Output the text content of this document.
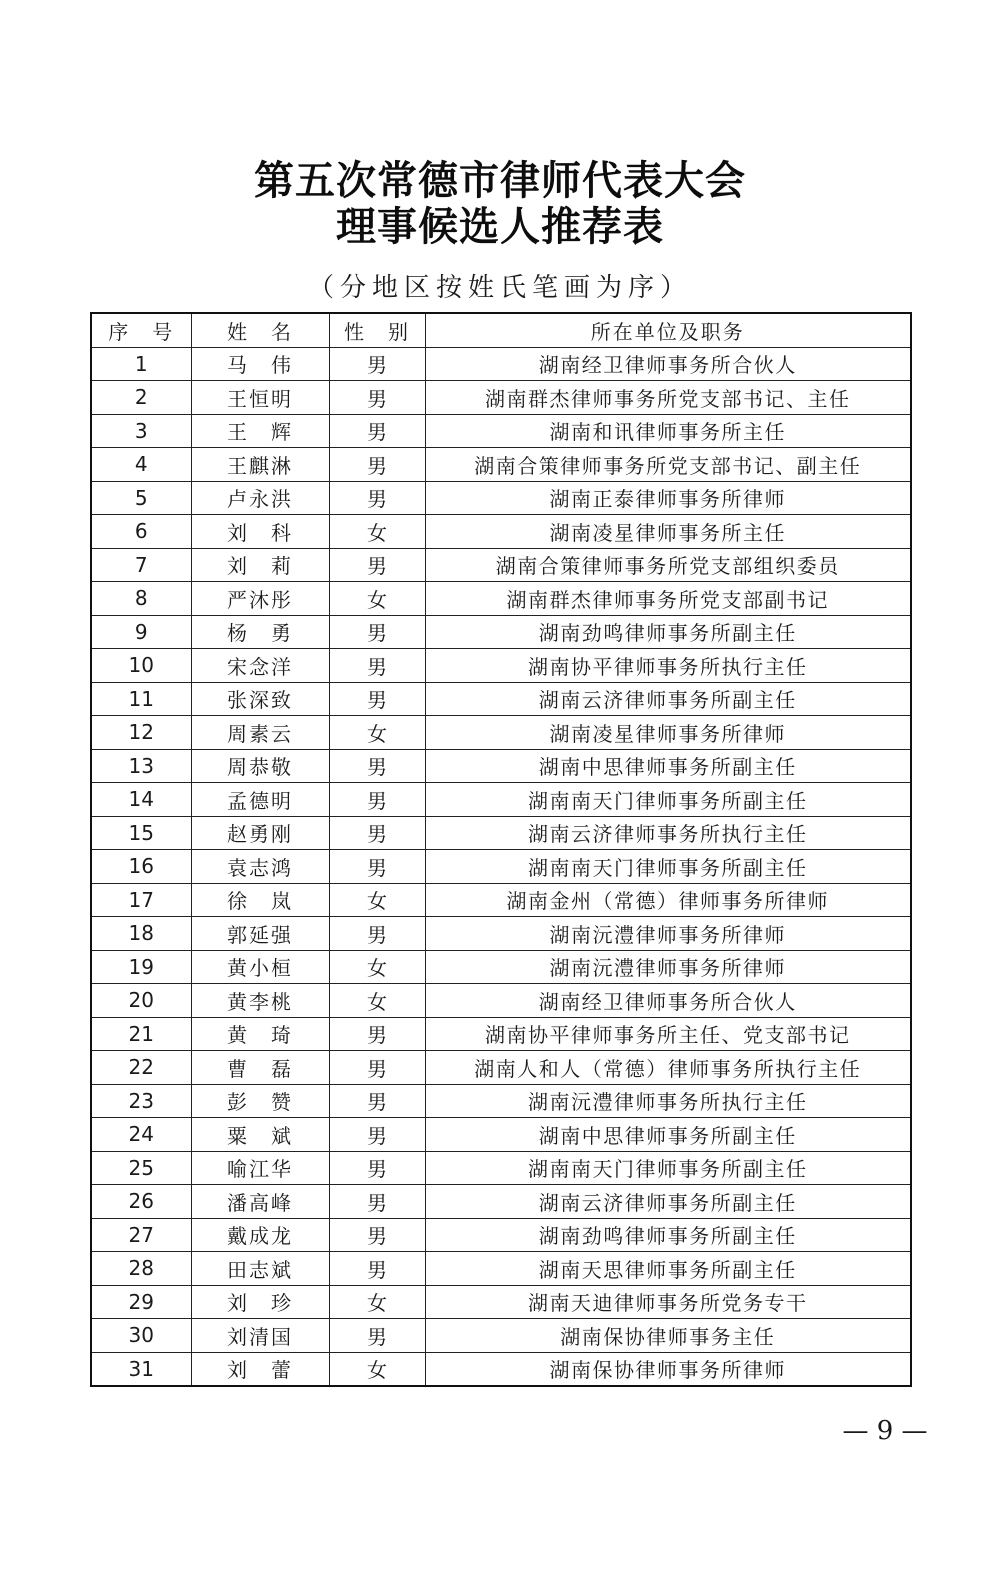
第五次常德市律师代表大会
理事候选人推荐表
（分地区按姓氏笔画为序）
序　号	姓　名	性　别	所在单位及职务
1	马　伟	男	湖南经卫律师事务所合伙人
2	王恒明	男	湖南群杰律师事务所党支部书记、主任
3	王　辉	男	湖南和讯律师事务所主任
4	王麒淋	男	湖南合策律师事务所党支部书记、副主任
5	卢永洪	男	湖南正泰律师事务所律师
6	刘　科	女	湖南凌星律师事务所主任
7	刘　莉	男	湖南合策律师事务所党支部组织委员
8	严沐彤	女	湖南群杰律师事务所党支部副书记
9	杨　勇	男	湖南劲鸣律师事务所副主任
10	宋念洋	男	湖南协平律师事务所执行主任
11	张深致	男	湖南云济律师事务所副主任
12	周素云	女	湖南凌星律师事务所律师
13	周恭敬	男	湖南中思律师事务所副主任
14	孟德明	男	湖南南天门律师事务所副主任
15	赵勇刚	男	湖南云济律师事务所执行主任
16	袁志鸿	男	湖南南天门律师事务所副主任
17	徐　岚	女	湖南金州（常德）律师事务所律师
18	郭延强	男	湖南沅澧律师事务所律师
19	黄小桓	女	湖南沅澧律师事务所律师
20	黄李桃	女	湖南经卫律师事务所合伙人
21	黄　琦	男	湖南协平律师事务所主任、党支部书记
22	曹　磊	男	湖南人和人（常德）律师事务所执行主任
23	彭　赞	男	湖南沅澧律师事务所执行主任
24	粟　斌	男	湖南中思律师事务所副主任
25	喻江华	男	湖南南天门律师事务所副主任
26	潘高峰	男	湖南云济律师事务所副主任
27	戴成龙	男	湖南劲鸣律师事务所副主任
28	田志斌	男	湖南天思律师事务所副主任
29	刘　珍	女	湖南天迪律师事务所党务专干
30	刘清国	男	湖南保协律师事务主任
31	刘　蕾	女	湖南保协律师事务所律师
— 9 —
